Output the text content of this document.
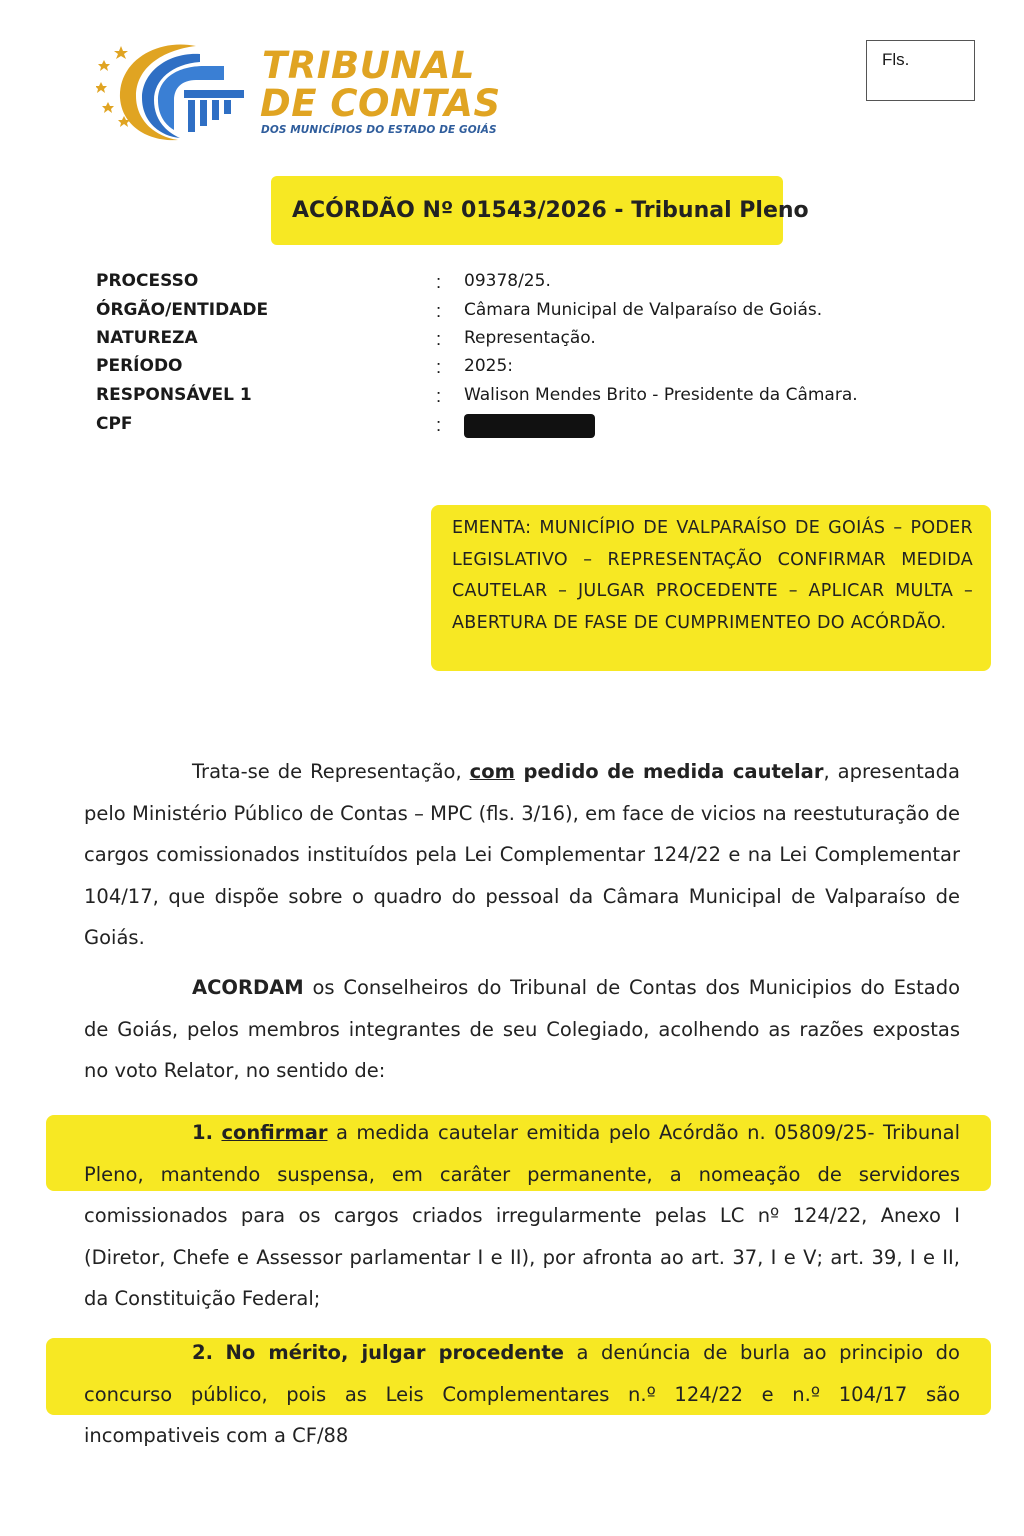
TRIBUNAL
DE CONTAS
DOS MUNICÍPIOS DO ESTADO DE GOIÁS
Fls.
ACÓRDÃO Nº 01543/2026 - Tribunal Pleno
PROCESSO	: 09378/25.
ÓRGÃO/ENTIDADE	: Câmara Municipal de Valparaíso de Goiás.
NATUREZA	: Representação.
PERÍODO	: 2025:
RESPONSÁVEL 1	: Walison Mendes Brito - Presidente da Câmara.
CPF	:
EMENTA: MUNICÍPIO DE VALPARAÍSO DE GOIÁS – PODER LEGISLATIVO – REPRESENTAÇÃO CONFIRMAR MEDIDA CAUTELAR – JULGAR PROCEDENTE – APLICAR MULTA – ABERTURA DE FASE DE CUMPRIMENTEO DO ACÓRDÃO.
Trata-se de Representação, com pedido de medida cautelar, apresentada pelo Ministério Público de Contas – MPC (fls. 3/16), em face de vicios na reestuturação de cargos comissionados instituídos pela Lei Complementar 124/22 e na Lei Complementar 104/17, que dispõe sobre o quadro do pessoal da Câmara Municipal de Valparaíso de Goiás.
ACORDAM os Conselheiros do Tribunal de Contas dos Municipios do Estado de Goiás, pelos membros integrantes de seu Colegiado, acolhendo as razões expostas no voto Relator, no sentido de:
1. confirmar a medida cautelar emitida pelo Acórdão n. 05809/25- Tribunal Pleno, mantendo suspensa, em carâter permanente, a nomeação de servidores comissionados para os cargos criados irregularmente pelas LC nº 124/22, Anexo I (Diretor, Chefe e Assessor parlamentar I e II), por afronta ao art. 37, I e V; art. 39, I e II, da Constituição Federal;
2. No mérito, julgar procedente a denúncia de burla ao principio do concurso público, pois as Leis Complementares n.º 124/22 e n.º 104/17 são incompativeis com a CF/88
